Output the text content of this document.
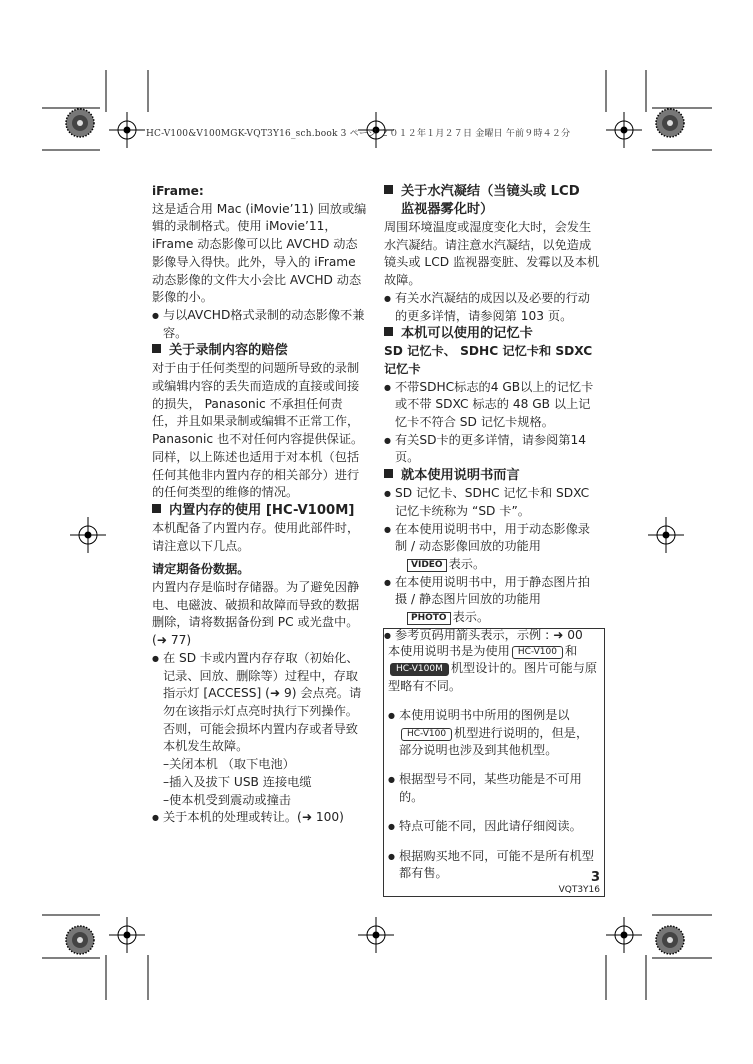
HC-V100&V100MGK-VQT3Y16_sch.book 3 ページ ２０１２年１月２７日 金曜日 午前９時４２分

iFrame:

这是适合用 Mac (iMovie’11) 回放或编辑的录制格式。使用 iMovie’11，iFrame 动态影像可以比 AVCHD 动态影像导入得快。此外，导入的 iFrame 动态影像的文件大小会比 AVCHD 动态影像的小。

● 与以AVCHD格式录制的动态影像不兼容。

关于录制内容的赔偿

对于由于任何类型的问题所导致的录制或编辑内容的丢失而造成的直接或间接的损失， Panasonic 不承担任何责任，并且如果录制或编辑不正常工作， Panasonic 也不对任何内容提供保证。同样，以上陈述也适用于对本机（包括任何其他非内置内存的相关部分）进行的任何类型的维修的情况。

内置内存的使用 [HC-V100M]

本机配备了内置内存。使用此部件时，请注意以下几点。

请定期备份数据。

内置内存是临时存储器。为了避免因静电、电磁波、破损和故障而导致的数据删除，请将数据备份到 PC 或光盘中。 (➜ 77)

● 在 SD 卡或内置内存存取（初始化、记录、回放、删除等）过程中，存取指示灯 [ACCESS] (➜ 9) 会点亮。请勿在该指示灯点亮时执行下列操作。否则，可能会损坏内置内存或者导致本机发生故障。

–关闭本机 （取下电池）

–插入及拔下 USB 连接电缆

–使本机受到震动或撞击

● 关于本机的处理或转让。(➜ 100)

关于水汽凝结（当镜头或 LCD

监视器雾化时）

周围环境温度或湿度变化大时，会发生水汽凝结。请注意水汽凝结，以免造成镜头或 LCD 监视器变脏、发霉以及本机故障。

● 有关水汽凝结的成因以及必要的行动的更多详情，请参阅第 103 页。

本机可以使用的记忆卡

SD 记忆卡、 SDHC 记忆卡和 SDXC 记忆卡

● 不带SDHC标志的4 GB以上的记忆卡或不带 SDXC 标志的 48 GB 以上记忆卡不符合 SD 记忆卡规格。

● 有关SD卡的更多详情，请参阅第14页。

就本使用说明书而言

● SD 记忆卡、SDHC 记忆卡和 SDXC 记忆卡统称为 “SD 卡”。

● 在本使用说明书中，用于动态影像录制 / 动态影像回放的功能用
VIDEO 表示。

● 在本使用说明书中，用于静态图片拍摄 / 静态图片回放的功能用
PHOTO 表示。

● 参考页码用箭头表示，示例 : ➜ 00

本使用说明书是为使用 HC-V100 和
HC-V100M 机型设计的。图片可能与原型略有不同。

● 本使用说明书中所用的图例是以
HC-V100 机型进行说明的，但是，部分说明也涉及到其他机型。

● 根据型号不同，某些功能是不可用的。

● 特点可能不同，因此请仔细阅读。

● 根据购买地不同，可能不是所有机型都有售。	3
VQT3Y16
